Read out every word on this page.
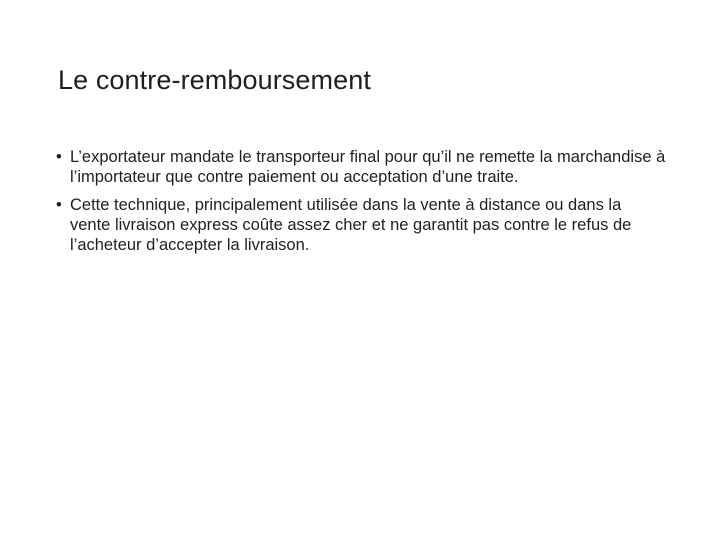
Le contre-remboursement
• L’exportateur mandate le transporteur final pour qu’il ne remette la marchandise à l’importateur que contre paiement ou acceptation d’une traite.
• Cette technique, principalement utilisée dans la vente à distance ou dans la vente livraison express coûte assez cher et ne garantit pas contre le refus de l’acheteur d’accepter la livraison.
